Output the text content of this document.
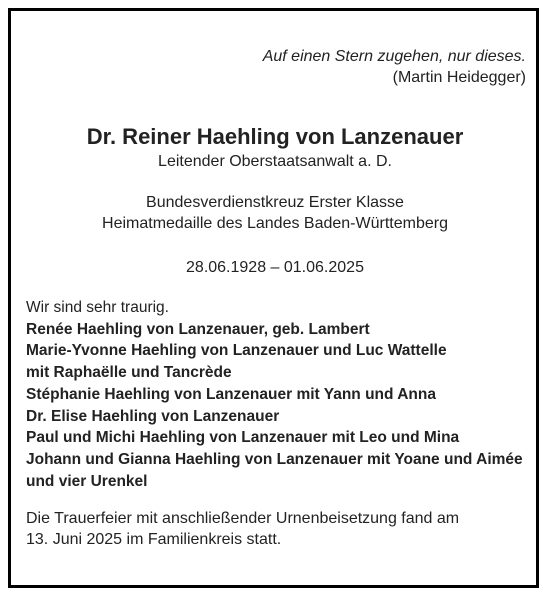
Auf einen Stern zugehen, nur dieses.
(Martin Heidegger)
Dr. Reiner Haehling von Lanzenauer
Leitender Oberstaatsanwalt a. D.
Bundesverdienstkreuz Erster Klasse
Heimatmedaille des Landes Baden-Württemberg
28.06.1928 – 01.06.2025
Wir sind sehr traurig.
Renée Haehling von Lanzenauer, geb. Lambert
Marie-Yvonne Haehling von Lanzenauer und Luc Wattelle
mit Raphaëlle und Tancrède
Stéphanie Haehling von Lanzenauer mit Yann und Anna
Dr. Elise Haehling von Lanzenauer
Paul und Michi Haehling von Lanzenauer mit Leo und Mina
Johann und Gianna Haehling von Lanzenauer mit Yoane und Aimée
und vier Urenkel
Die Trauerfeier mit anschließender Urnenbeisetzung fand am
13. Juni 2025 im Familienkreis statt.
